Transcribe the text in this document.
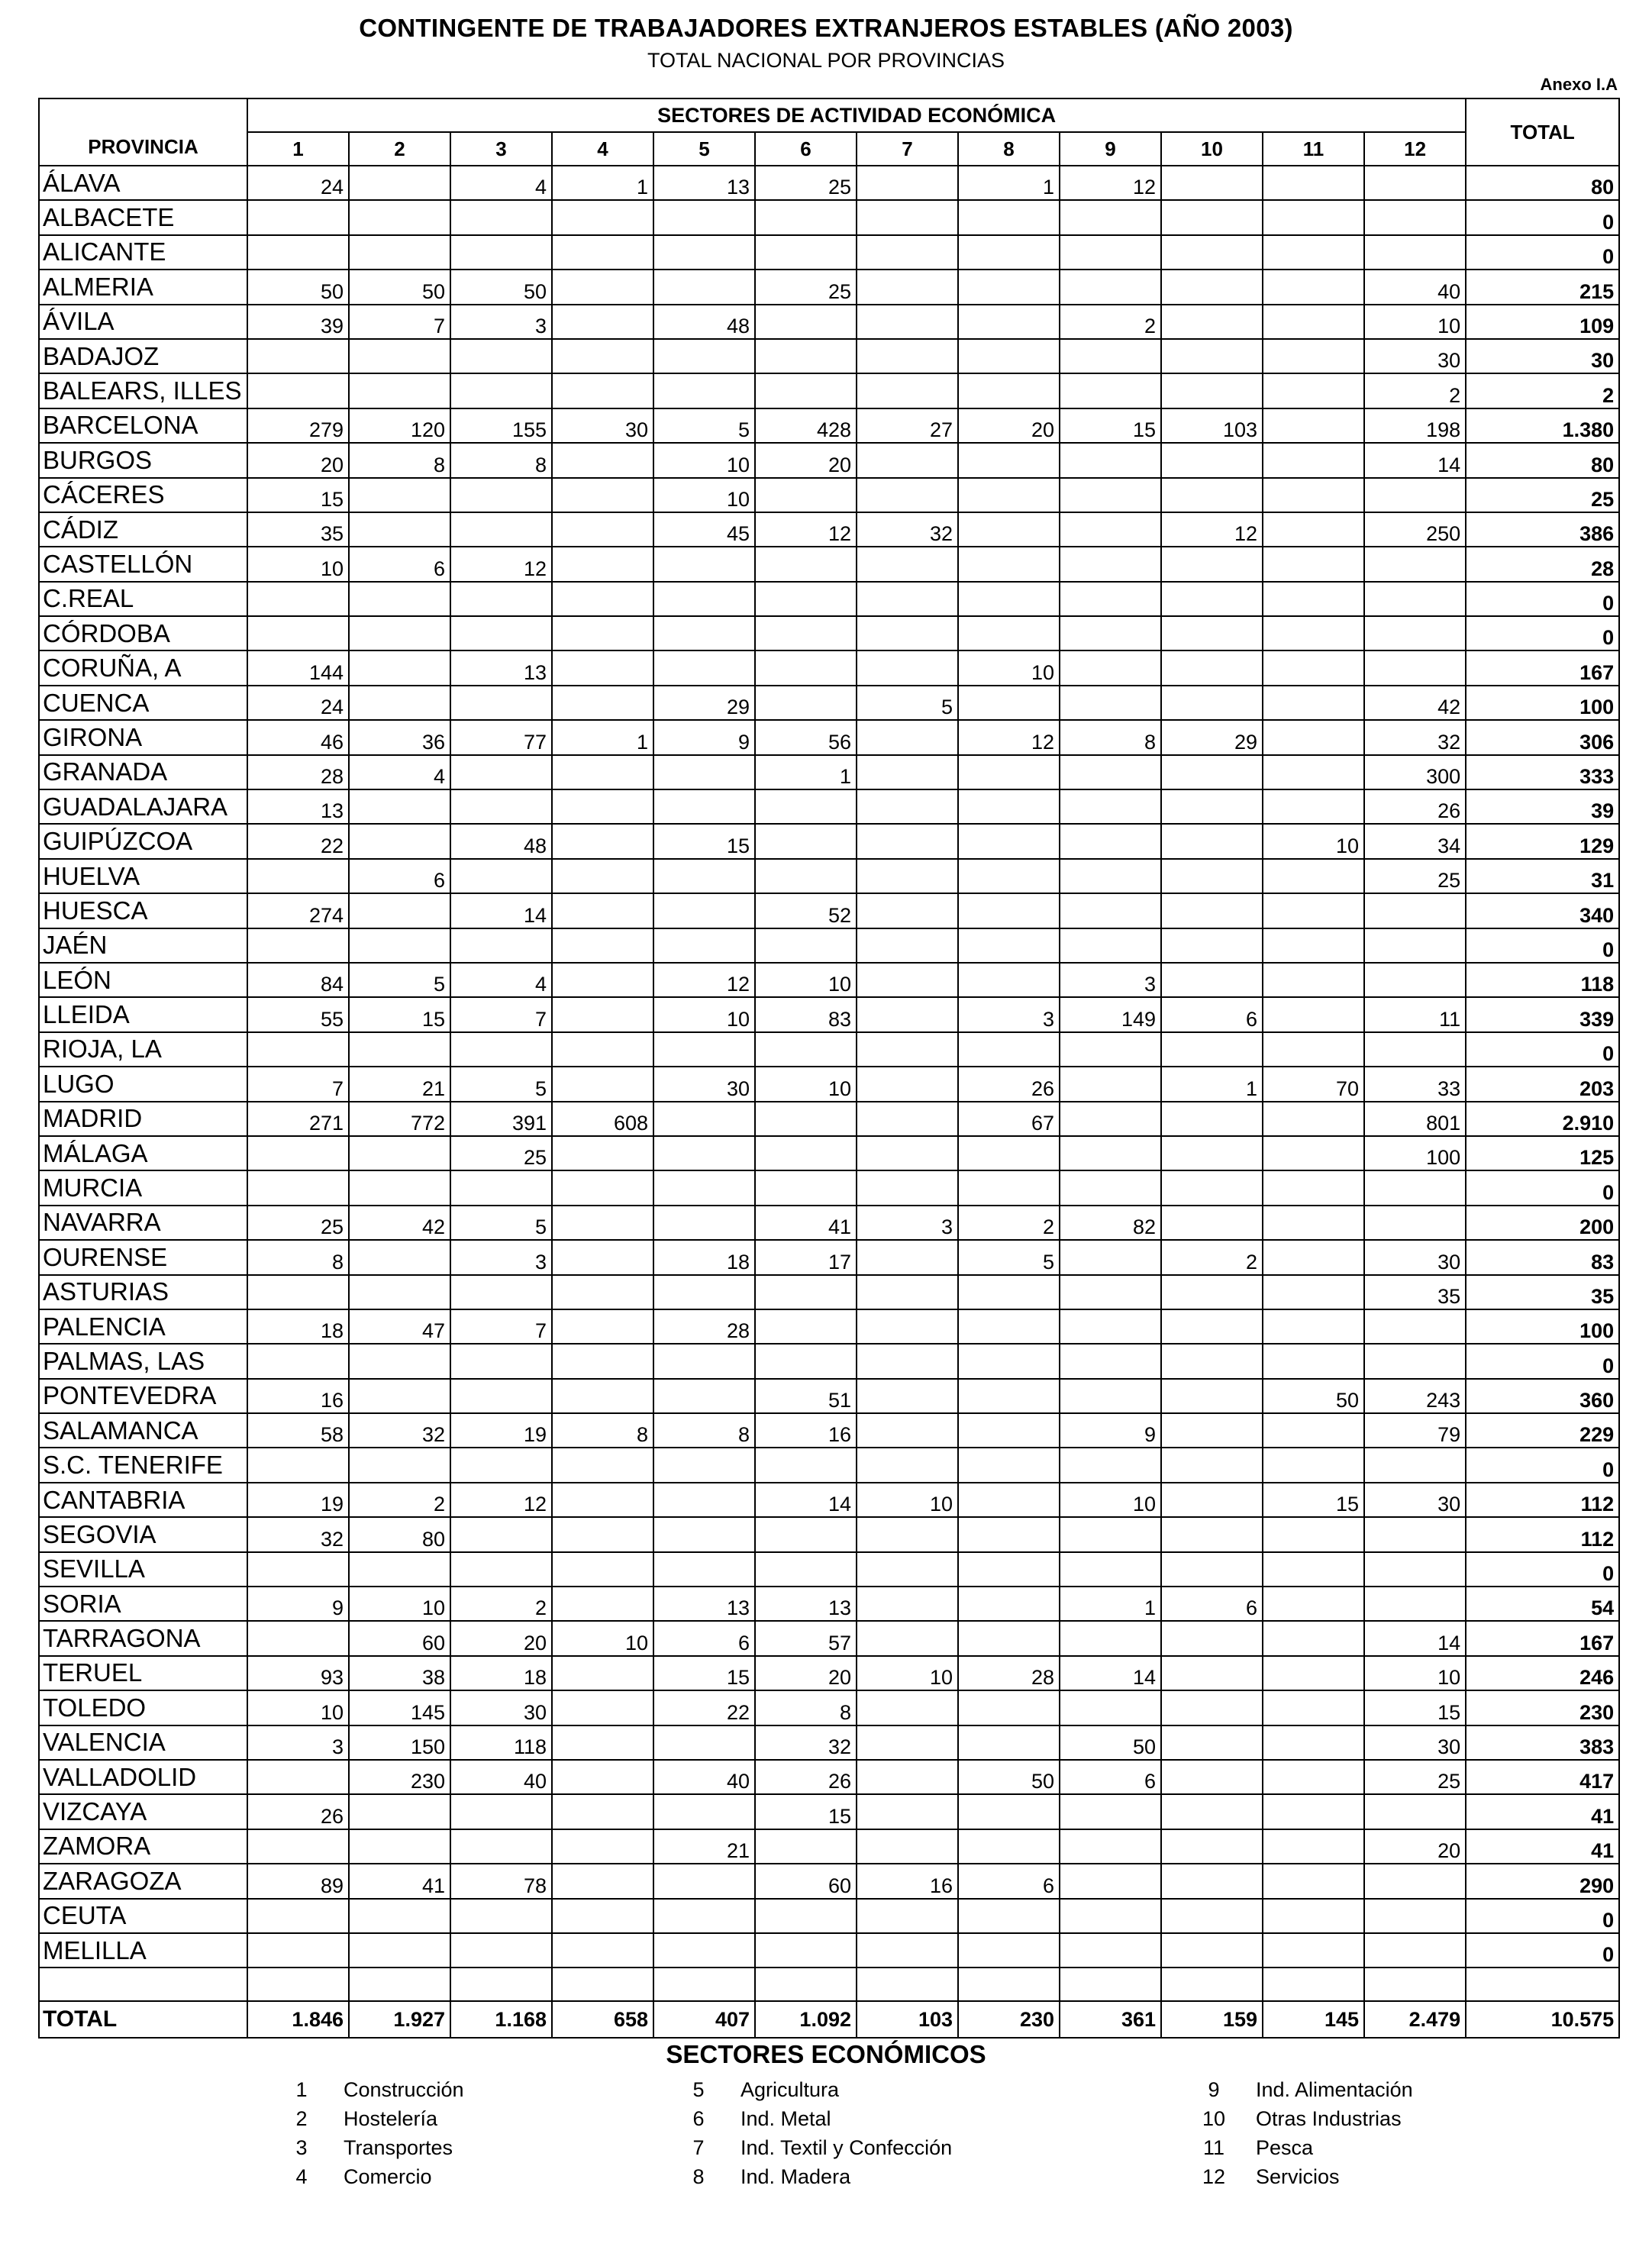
CONTINGENTE DE TRABAJADORES EXTRANJEROS ESTABLES (AÑO 2003)
TOTAL NACIONAL POR PROVINCIAS
Anexo I.A
PROVINCIA	SECTORES DE ACTIVIDAD ECONÓMICA												TOTAL
	1	2	3	4	5	6	7	8	9	10	11	12	
ÁLAVA	24		4	1	13	25		1	12				80
ALBACETE													0
ALICANTE													0
ALMERIA	50	50	50			25						40	215
ÁVILA	39	7	3		48				2			10	109
BADAJOZ												30	30
BALEARS, ILLES												2	2
BARCELONA	279	120	155	30	5	428	27	20	15	103		198	1.380
BURGOS	20	8	8		10	20						14	80
CÁCERES	15				10								25
CÁDIZ	35				45	12	32			12		250	386
CASTELLÓN	10	6	12										28
C.REAL													0
CÓRDOBA													0
CORUÑA, A	144		13					10					167
CUENCA	24				29		5					42	100
GIRONA	46	36	77	1	9	56		12	8	29		32	306
GRANADA	28	4				1						300	333
GUADALAJARA	13											26	39
GUIPÚZCOA	22		48		15						10	34	129
HUELVA		6										25	31
HUESCA	274		14			52							340
JAÉN													0
LEÓN	84	5	4		12	10			3				118
LLEIDA	55	15	7		10	83		3	149	6		11	339
RIOJA, LA													0
LUGO	7	21	5		30	10		26		1	70	33	203
MADRID	271	772	391	608				67				801	2.910
MÁLAGA			25									100	125
MURCIA													0
NAVARRA	25	42	5			41	3	2	82				200
OURENSE	8		3		18	17		5		2		30	83
ASTURIAS												35	35
PALENCIA	18	47	7		28								100
PALMAS, LAS													0
PONTEVEDRA	16					51					50	243	360
SALAMANCA	58	32	19	8	8	16			9			79	229
S.C. TENERIFE													0
CANTABRIA	19	2	12			14	10		10		15	30	112
SEGOVIA	32	80											112
SEVILLA													0
SORIA	9	10	2		13	13			1	6			54
TARRAGONA		60	20	10	6	57						14	167
TERUEL	93	38	18		15	20	10	28	14			10	246
TOLEDO	10	145	30		22	8						15	230
VALENCIA	3	150	118			32			50			30	383
VALLADOLID		230	40		40	26		50	6			25	417
VIZCAYA	26					15							41
ZAMORA					21							20	41
ZARAGOZA	89	41	78			60	16	6					290
CEUTA													0
MELILLA													0

TOTAL	1.846	1.927	1.168	658	407	1.092	103	230	361	159	145	2.479	10.575
SECTORES ECONÓMICOS
1	Construcción
2	Hostelería
3	Transportes
4	Comercio
5	Agricultura
6	Ind. Metal
7	Ind. Textil y Confección
8	Ind. Madera
9	Ind. Alimentación
10	Otras Industrias
11	Pesca
12	Servicios
